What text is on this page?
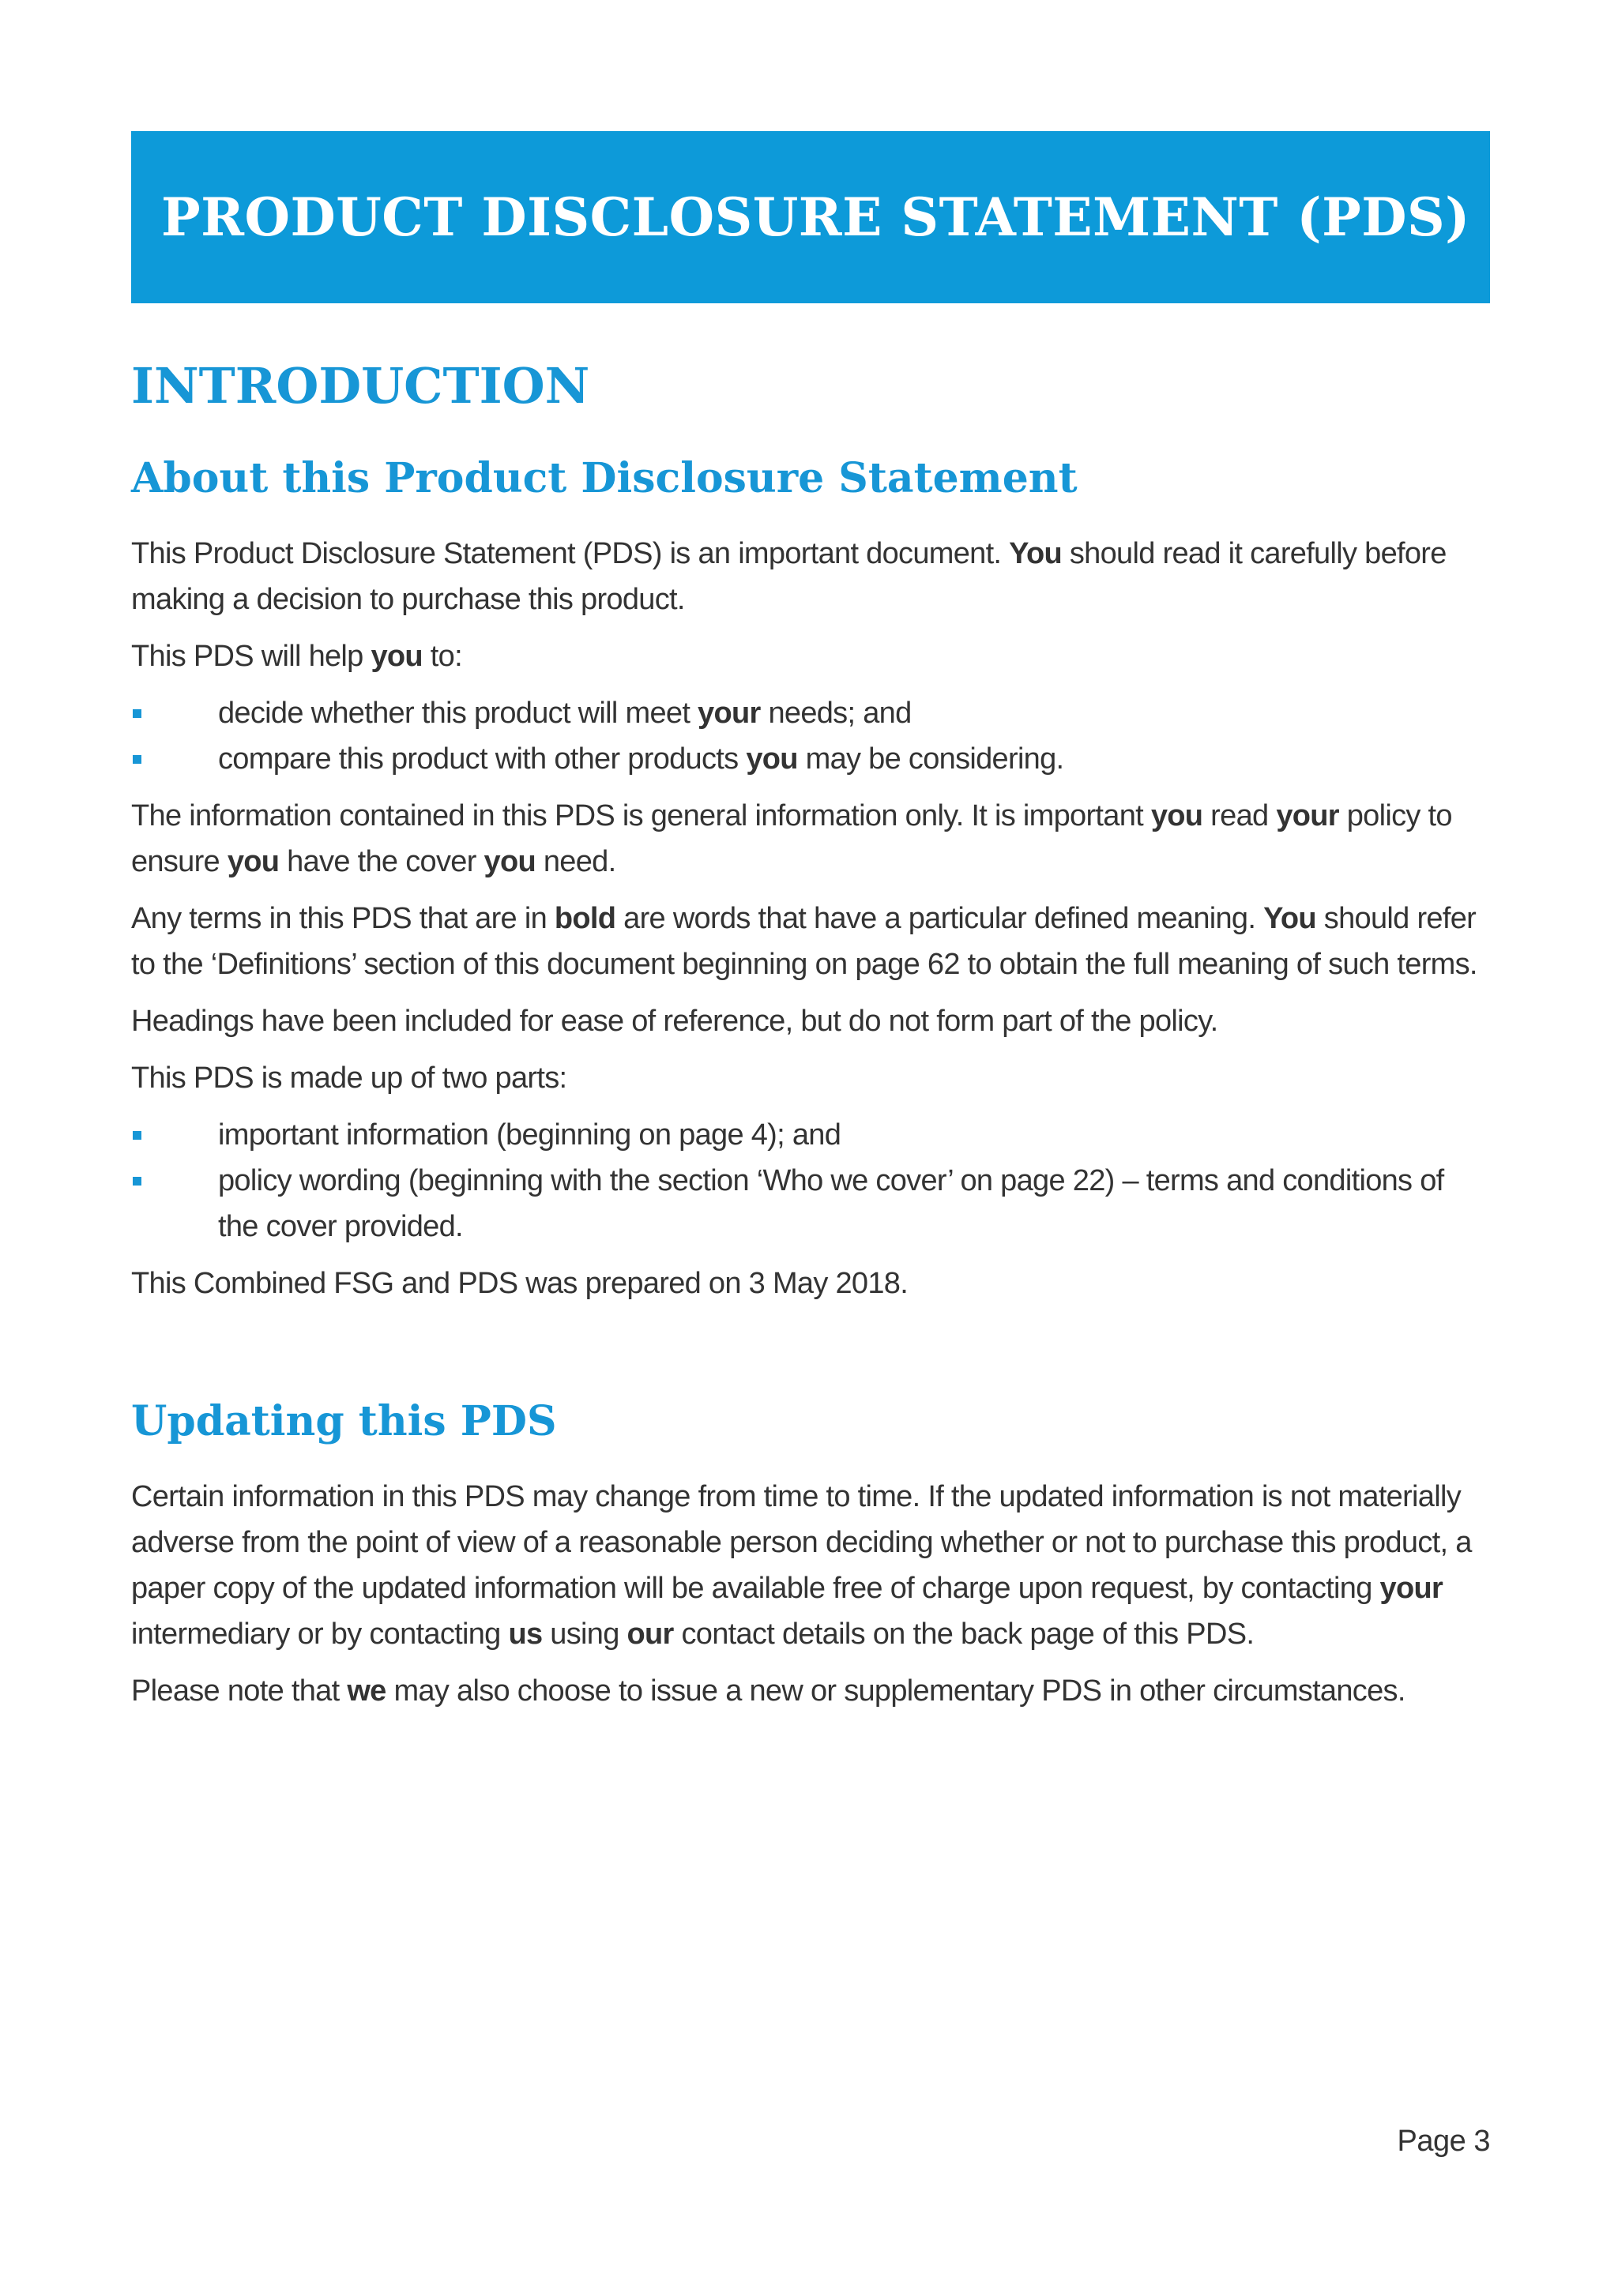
PRODUCT DISCLOSURE STATEMENT (PDS)
INTRODUCTION
About this Product Disclosure Statement

This Product Disclosure Statement (PDS) is an important document. You should read it carefully before making a decision to purchase this product.

This PDS will help you to:

decide whether this product will meet your needs; and
compare this product with other products you may be considering.

The information contained in this PDS is general information only. It is important you read your policy to ensure you have the cover you need.

Any terms in this PDS that are in bold are words that have a particular defined meaning. You should refer to the ‘Definitions’ section of this document beginning on page 62 to obtain the full meaning of such terms.

Headings have been included for ease of reference, but do not form part of the policy.

This PDS is made up of two parts:

important information (beginning on page 4); and
policy wording (beginning with the section ‘Who we cover’ on page 22) – terms and conditions of the cover provided.

This Combined FSG and PDS was prepared on 3 May 2018.

Updating this PDS

Certain information in this PDS may change from time to time. If the updated information is not materially adverse from the point of view of a reasonable person deciding whether or not to purchase this product, a paper copy of the updated information will be available free of charge upon request, by contacting your intermediary or by contacting us using our contact details on the back page of this PDS.

Please note that we may also choose to issue a new or supplementary PDS in other circumstances.

Page 3
